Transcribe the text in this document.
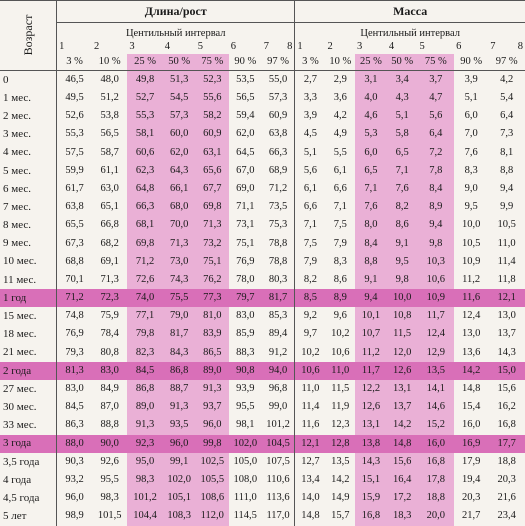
Возраст	Длина/рост							Масса						
	Центильный интервал							Центильный интервал						

	1	2	3	4	5	6	7 8	1	2	3	4	5	6	7 8

	3 %	10 %	25 %	50 %	75 %	90 %	97 %	3 %	10 %	25 %	50 %	75 %	90 %	97 %
0	46,5	48,0	49,8	51,3	52,3	53,5	55,0	2,7	2,9	3,1	3,4	3,7	3,9	4,2
1 мес.	49,5	51,2	52,7	54,5	55,6	56,5	57,3	3,3	3,6	4,0	4,3	4,7	5,1	5,4
2 мес.	52,6	53,8	55,3	57,3	58,2	59,4	60,9	3,9	4,2	4,6	5,1	5,6	6,0	6,4
3 мес.	55,3	56,5	58,1	60,0	60,9	62,0	63,8	4,5	4,9	5,3	5,8	6,4	7,0	7,3
4 мес.	57,5	58,7	60,6	62,0	63,1	64,5	66,3	5,1	5,5	6,0	6,5	7,2	7,6	8,1
5 мес.	59,9	61,1	62,3	64,3	65,6	67,0	68,9	5,6	6,1	6,5	7,1	7,8	8,3	8,8
6 мес.	61,7	63,0	64,8	66,1	67,7	69,0	71,2	6,1	6,6	7,1	7,6	8,4	9,0	9,4
7 мес.	63,8	65,1	66,3	68,0	69,8	71,1	73,5	6,6	7,1	7,6	8,2	8,9	9,5	9,9
8 мес.	65,5	66,8	68,1	70,0	71,3	73,1	75,3	7,1	7,5	8,0	8,6	9,4	10,0	10,5
9 мес.	67,3	68,2	69,8	71,3	73,2	75,1	78,8	7,5	7,9	8,4	9,1	9,8	10,5	11,0
10 мес.	68,8	69,1	71,2	73,0	75,1	76,9	78,8	7,9	8,3	8,8	9,5	10,3	10,9	11,4
11 мес.	70,1	71,3	72,6	74,3	76,2	78,0	80,3	8,2	8,6	9,1	9,8	10,6	11,2	11,8
1 год	71,2	72,3	74,0	75,5	77,3	79,7	81,7	8,5	8,9	9,4	10,0	10,9	11,6	12,1
15 мес.	74,8	75,9	77,1	79,0	81,0	83,0	85,3	9,2	9,6	10,1	10,8	11,7	12,4	13,0
18 мес.	76,9	78,4	79,8	81,7	83,9	85,9	89,4	9,7	10,2	10,7	11,5	12,4	13,0	13,7
21 мес.	79,3	80,8	82,3	84,3	86,5	88,3	91,2	10,2	10,6	11,2	12,0	12,9	13,6	14,3
2 года	81,3	83,0	84,5	86,8	89,0	90,8	94,0	10,6	11,0	11,7	12,6	13,5	14,2	15,0
27 мес.	83,0	84,9	86,8	88,7	91,3	93,9	96,8	11,0	11,5	12,2	13,1	14,1	14,8	15,6
30 мес.	84,5	87,0	89,0	91,3	93,7	95,5	99,0	11,4	11,9	12,6	13,7	14,6	15,4	16,2
33 мес.	86,3	88,8	91,3	93,5	96,0	98,1	101,2	11,6	12,3	13,1	14,2	15,2	16,0	16,8
3 года	88,0	90,0	92,3	96,0	99,8	102,0	104,5	12,1	12,8	13,8	14,8	16,0	16,9	17,7
3,5 года	90,3	92,6	95,0	99,1	102,5	105,0	107,5	12,7	13,5	14,3	15,6	16,8	17,9	18,8
4 года	93,2	95,5	98,3	102,0	105,5	108,0	110,6	13,4	14,2	15,1	16,4	17,8	19,4	20,3
4,5 года	96,0	98,3	101,2	105,1	108,6	111,0	113,6	14,0	14,9	15,9	17,2	18,8	20,3	21,6
5 лет	98,9	101,5	104,4	108,3	112,0	114,5	117,0	14,8	15,7	16,8	18,3	20,0	21,7	23,4
